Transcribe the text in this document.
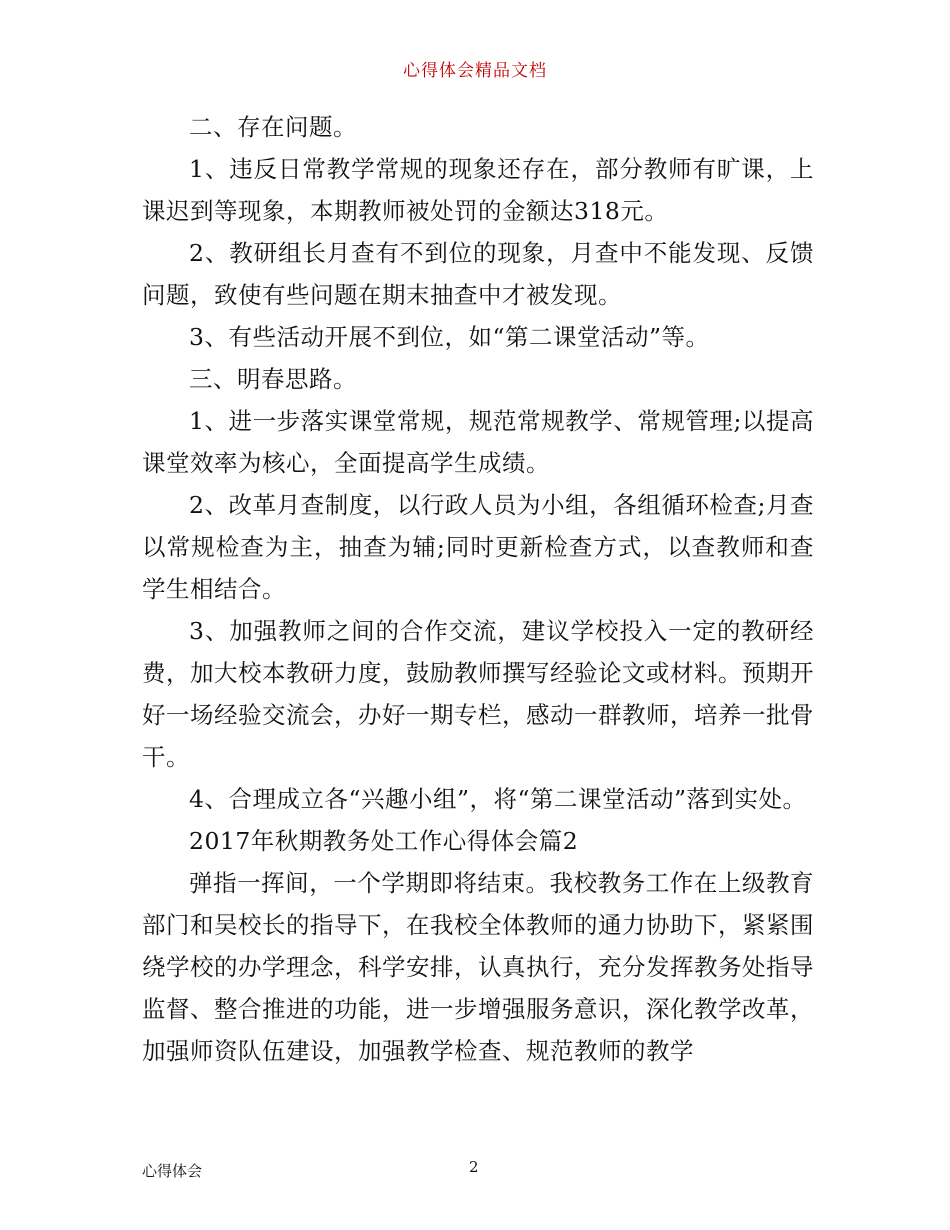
心得体会精品文档

二、存在问题。

1、违反日常教学常规的现象还存在，部分教师有旷课，上课迟到等现象，本期教师被处罚的金额达318元。

2、教研组长月查有不到位的现象，月查中不能发现、反馈问题，致使有些问题在期末抽查中才被发现。

3、有些活动开展不到位，如“第二课堂活动”等。

三、明春思路。

1、进一步落实课堂常规，规范常规教学、常规管理;以提高课堂效率为核心，全面提高学生成绩。

2、改革月查制度，以行政人员为小组，各组循环检查;月查以常规检查为主，抽查为辅;同时更新检查方式，以查教师和查学生相结合。

3、加强教师之间的合作交流，建议学校投入一定的教研经费，加大校本教研力度，鼓励教师撰写经验论文或材料。预期开好一场经验交流会，办好一期专栏，感动一群教师，培养一批骨干。

4、合理成立各“兴趣小组”，将“第二课堂活动”落到实处。

2017年秋期教务处工作心得体会篇2

弹指一挥间，一个学期即将结束。我校教务工作在上级教育部门和吴校长的指导下，在我校全体教师的通力协助下，紧紧围绕学校的办学理念，科学安排，认真执行，充分发挥教务处指导监督、整合推进的功能，进一步增强服务意识，深化教学改革，加强师资队伍建设，加强教学检查、规范教师的教学

心得体会	2
